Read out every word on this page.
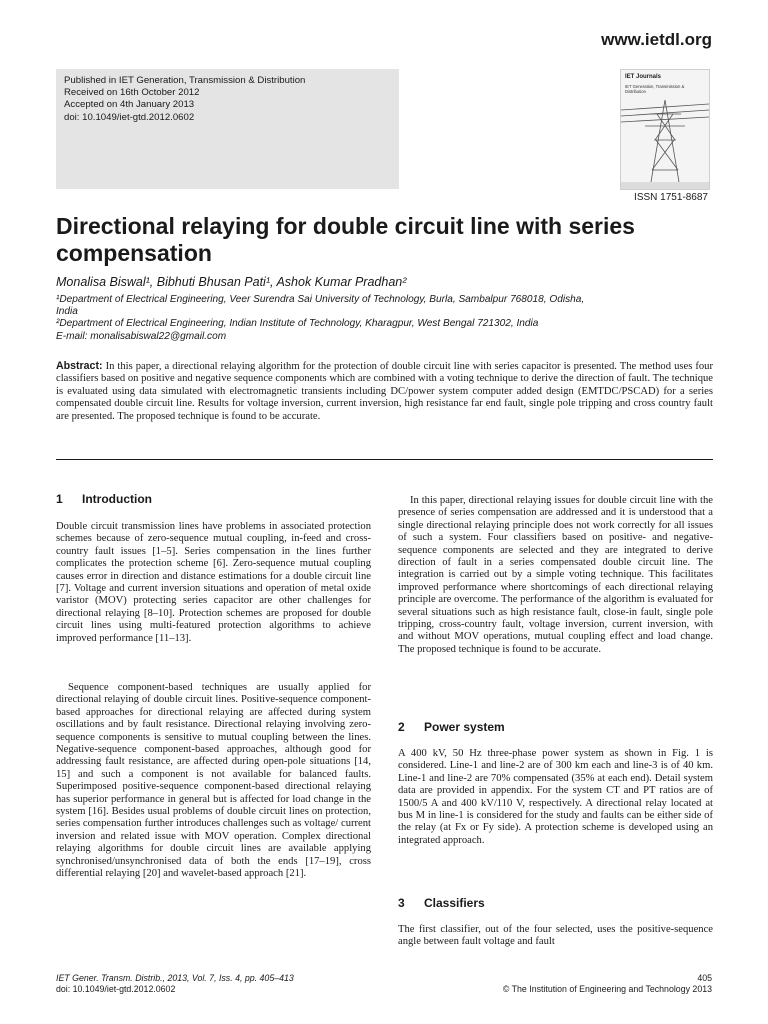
www.ietdl.org
Published in IET Generation, Transmission & Distribution
Received on 16th October 2012
Accepted on 4th January 2013
doi: 10.1049/iet-gtd.2012.0602
IET Journals
IET Generation, Transmission & Distribution
ISSN 1751-8687
Directional relaying for double circuit line with series compensation
Monalisa Biswal¹, Bibhuti Bhusan Pati¹, Ashok Kumar Pradhan²
¹Department of Electrical Engineering, Veer Surendra Sai University of Technology, Burla, Sambalpur 768018, Odisha,
India
²Department of Electrical Engineering, Indian Institute of Technology, Kharagpur, West Bengal 721302, India
E-mail: monalisabiswal22@gmail.com

Abstract: In this paper, a directional relaying algorithm for the protection of double circuit line with series capacitor is presented. The method uses four classifiers based on positive and negative sequence components which are combined with a voting technique to derive the direction of fault. The technique is evaluated using data simulated with electromagnetic transients including DC/power system computer added design (EMTDC/PSCAD) for a series compensated double circuit line. Results for voltage inversion, current inversion, high resistance far end fault, single pole tripping and cross country fault are presented. The proposed technique is found to be accurate.

1 Introduction

Double circuit transmission lines have problems in associated protection schemes because of zero-sequence mutual coupling, in-feed and cross-country fault issues [1–5]. Series compensation in the lines further complicates the protection scheme [6]. Zero-sequence mutual coupling causes error in direction and distance estimations for a double circuit line [7]. Voltage and current inversion situations and operation of metal oxide varistor (MOV) protecting series capacitor are other challenges for directional relaying [8–10]. Protection schemes are proposed for double circuit lines using multi-featured protection algorithms to achieve improved performance [11–13].

Sequence component-based techniques are usually applied for directional relaying of double circuit lines. Positive-sequence component-based approaches for directional relaying are affected during system oscillations and by fault resistance. Directional relaying involving zero-sequence components is sensitive to mutual coupling between the lines. Negative-sequence component-based approaches, although good for addressing fault resistance, are affected during open-pole situations [14, 15] and such a component is not available for balanced faults. Superimposed positive-sequence component-based directional relaying has superior performance in general but is affected for load change in the system [16]. Besides usual problems of double circuit lines on protection, series compensation further introduces challenges such as voltage/ current inversion and related issue with MOV operation. Complex directional relaying algorithms for double circuit lines are available applying synchronised/unsynchronised data of both the ends [17–19], cross differential relaying [20] and wavelet-based approach [21].

In this paper, directional relaying issues for double circuit line with the presence of series compensation are addressed and it is understood that a single directional relaying principle does not work correctly for all issues of such a system. Four classifiers based on positive- and negative-sequence components are selected and they are integrated to derive direction of fault in a series compensated double circuit line. The integration is carried out by a simple voting technique. This facilitates improved performance where shortcomings of each directional relaying principle are overcome. The performance of the algorithm is evaluated for several situations such as high resistance fault, close-in fault, single pole tripping, cross-country fault, voltage inversion, current inversion, with and without MOV operations, mutual coupling effect and load change. The proposed technique is found to be accurate.

2 Power system

A 400 kV, 50 Hz three-phase power system as shown in Fig. 1 is considered. Line-1 and line-2 are of 300 km each and line-3 is of 40 km. Line-1 and line-2 are 70% compensated (35% at each end). Detail system data are provided in appendix. For the system CT and PT ratios are of 1500/5 A and 400 kV/110 V, respectively. A directional relay located at bus M in line-1 is considered for the study and faults can be either side of the relay (at Fx or Fy side). A protection scheme is developed using an integrated approach.

3 Classifiers

The first classifier, out of the four selected, uses the positive-sequence angle between fault voltage and fault

IET Gener. Transm. Distrib., 2013, Vol. 7, Iss. 4, pp. 405–413
doi: 10.1049/iet-gtd.2012.0602
405
© The Institution of Engineering and Technology 2013
